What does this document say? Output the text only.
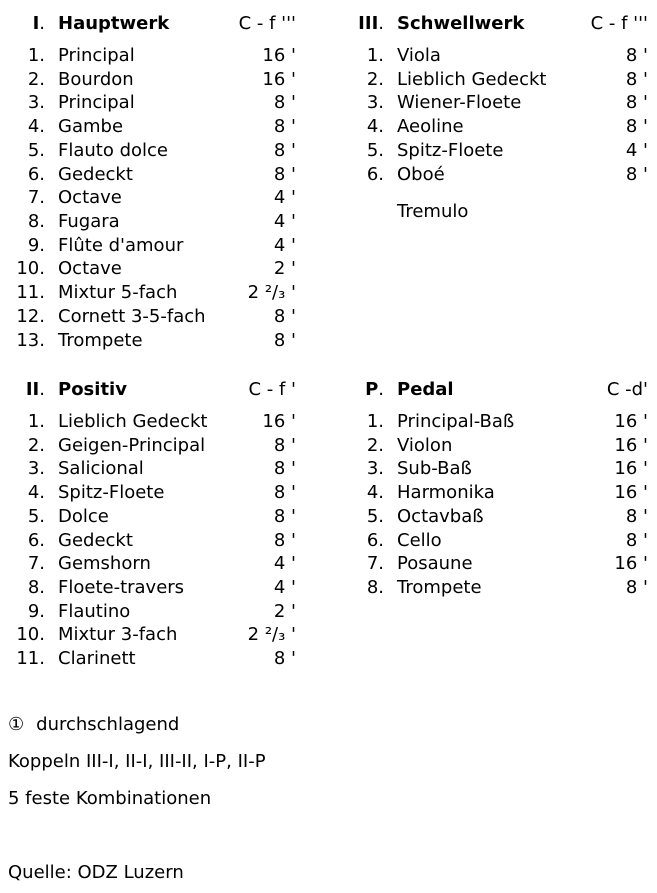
I. Hauptwerk	C - f '''
1. Principal	16 '
2. Bourdon	16 '
3. Principal	8 '
4. Gambe	8 '
5. Flauto dolce	8 '
6. Gedeckt	8 '
7. Octave	4 '
8. Fugara	4 '
9. Flûte d'amour	4 '
10. Octave	2 '
11. Mixtur 5-fach	2 ²/₃ '
12. Cornett 3-5-fach	8 '
13. Trompete	8 '
III. Schwellwerk	C - f '''
1. Viola	8 '
2. Lieblich Gedeckt	8 '
3. Wiener-Floete	8 '
4. Aeoline	8 '
5. Spitz-Floete	4 '
6. Oboé	8 '
Tremulo
II. Positiv	C - f '
1. Lieblich Gedeckt	16 '
2. Geigen-Principal	8 '
3. Salicional	8 '
4. Spitz-Floete	8 '
5. Dolce	8 '
6. Gedeckt	8 '
7. Gemshorn	4 '
8. Floete-travers	4 '
9. Flautino	2 '
10. Mixtur 3-fach	2 ²/₃ '
11. Clarinett	8 '
P. Pedal	C -d'
1. Principal-Baß	16 '
2. Violon	16 '
3. Sub-Baß	16 '
4. Harmonika	16 '
5. Octavbaß	8 '
6. Cello	8 '
7. Posaune	16 '
8. Trompete	8 '
① durchschlagend
Koppeln III-I, II-I, III-II, I-P, II-P
5 feste Kombinationen
Quelle: ODZ Luzern
